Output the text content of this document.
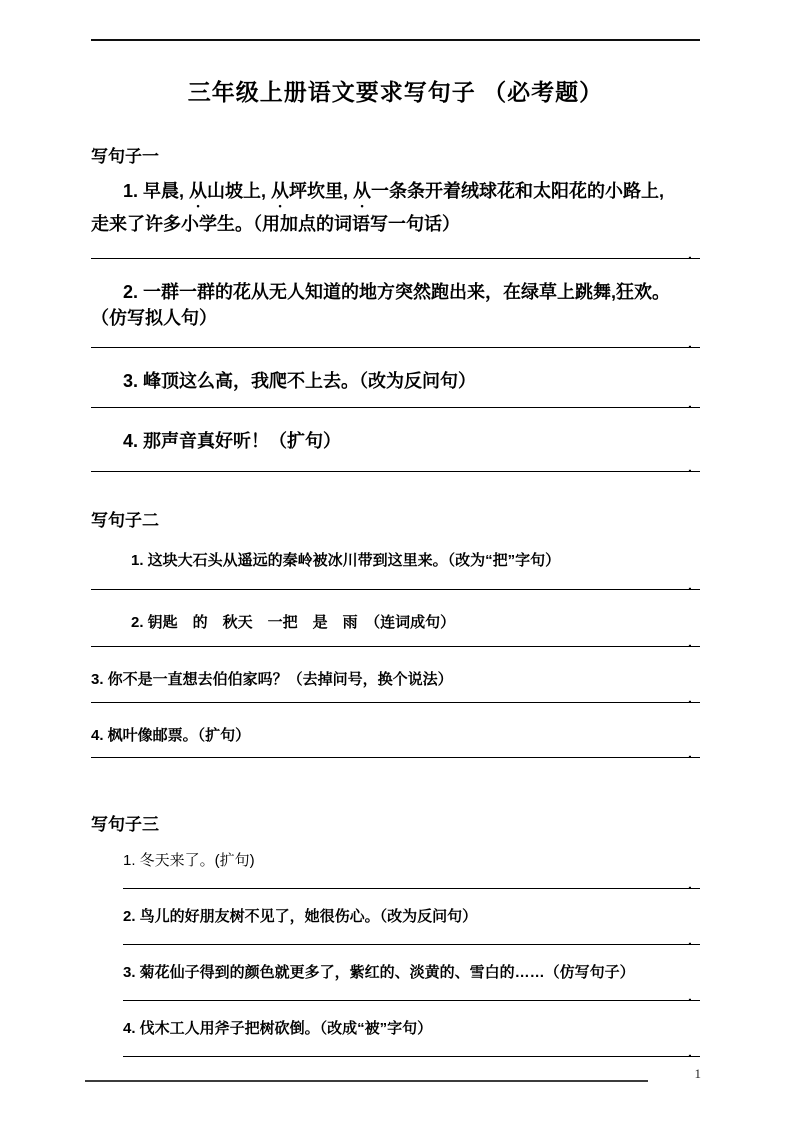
三年级上册语文要求写句子 （必考题）
写句子一

1. 早晨, 从山坡上, 从坪坎里, 从一条条开着绒球花和太阳花的小路上,

走来了许多小学生。（用加点的词语写一句话）

.

2. 一群一群的花从无人知道的地方突然跑出来，在绿草上跳舞,狂欢。

（仿写拟人句）

.

3. 峰顶这么高，我爬不上去。（改为反问句）

.

4. 那声音真好听！（扩句）

.
写句子二

1. 这块大石头从遥远的秦岭被冰川带到这里来。（改为“把”字句）

.

2. 钥匙　的　秋天　一把　是　雨　（连词成句）

.

3. 你不是一直想去伯伯家吗？（去掉问号，换个说法）

.

4. 枫叶像邮票。（扩句）

.
写句子三

1. 冬天来了。(扩句)

.

2. 鸟儿的好朋友树不见了，她很伤心。（改为反问句）

.

3. 菊花仙子得到的颜色就更多了，紫红的、淡黄的、雪白的……（仿写句子）

.

4. 伐木工人用斧子把树砍倒。（改成“被”字句）

.
1
